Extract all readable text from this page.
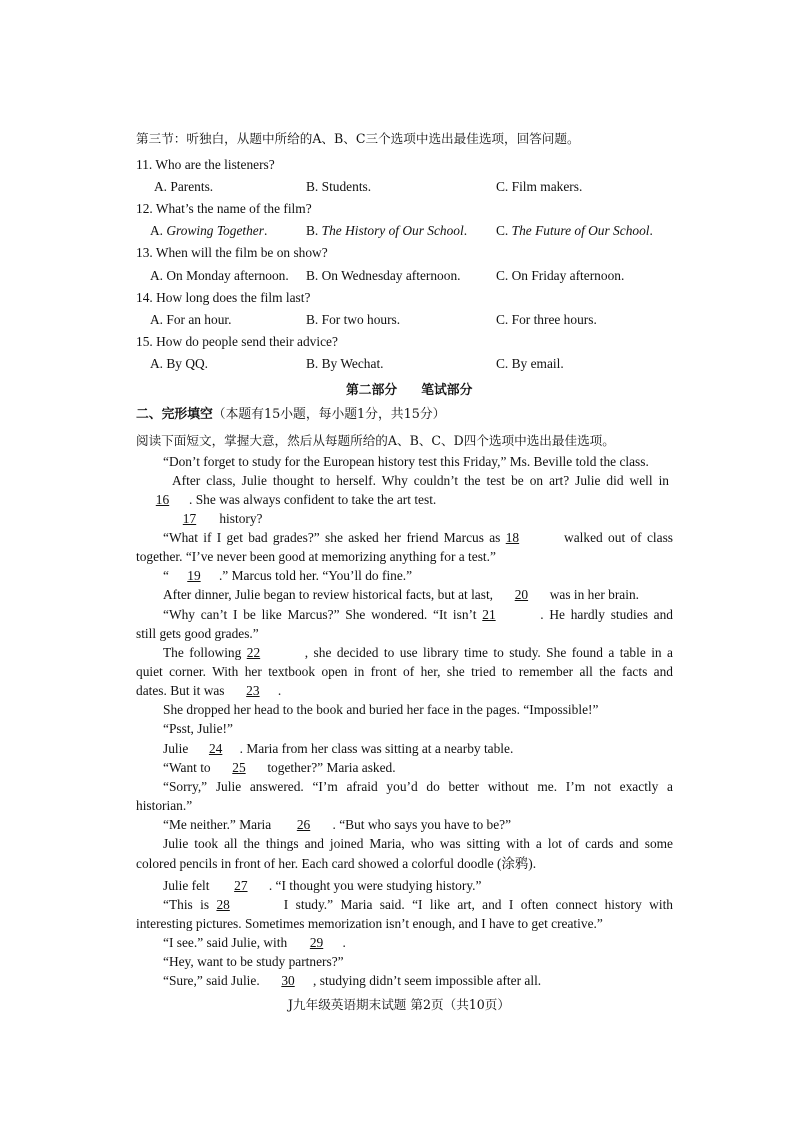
第三节：听独白，从题中所给的A、B、C三个选项中选出最佳选项，回答问题。
11. Who are the listeners?
A. Parents.	B. Students.	C. Film makers.
12. What’s the name of the film?
A. Growing Together.	B. The History of Our School. C. The Future of Our School.
13. When will the film be on show?
A. On Monday afternoon. B. On Wednesday afternoon.	C. On Friday afternoon.
14. How long does the film last?
A. For an hour.	B. For two hours.	C. For three hours.
15. How do people send their advice?
A. By QQ.	B. By Wechat.	C. By email.
第二部分 笔试部分
二、完形填空（本题有15小题，每小题1分，共15分）
阅读下面短文，掌握大意，然后从每题所给的A、B、C、D四个选项中选出最佳选项。
“Don’t forget to study for the European history test this Friday,” Ms. Beville told the class.
After class, Julie thought to herself. Why couldn’t the test be on art? Julie did well in
16 . She was always confident to take the art test.
17 history?
“What if I get bad grades?” she asked her friend Marcus as 18	walked out of class
together. “I’ve never been good at memorizing anything for a test.”
“ 19 .” Marcus told her. “You’ll do fine.”
After dinner, Julie began to review historical facts, but at last, 20 was in her brain.
“Why can’t I be like Marcus?” She wondered. “It isn’t 21	. He hardly studies and
still gets good grades.”
The following 22	, she decided to use library time to study. She found a table in a
quiet corner. With her textbook open in front of her, she tried to remember all the facts and
dates. But it was 23 .
She dropped her head to the book and buried her face in the pages. “Impossible!”
“Psst, Julie!”
Julie 24 . Maria from her class was sitting at a nearby table.
“Want to 25 together?” Maria asked.
“Sorry,” Julie answered. “I’m afraid you’d do better without me. I’m not exactly a
historian.”
“Me neither.” Maria 26 . “But who says you have to be?”
Julie took all the things and joined Maria, who was sitting with a lot of cards and some
colored pencils in front of her. Each card showed a colorful doodle (涂鸦).
Julie felt 27 . “I thought you were studying history.”
“This is 28	I study.” Maria said. “I like art, and I often connect history with
interesting pictures. Sometimes memorization isn’t enough, and I have to get creative.”
“I see.” said Julie, with 29 .
“Hey, want to be study partners?”
“Sure,” said Julie. 30 , studying didn’t seem impossible after all.
J九年级英语期末试题 第2页（共10页）
